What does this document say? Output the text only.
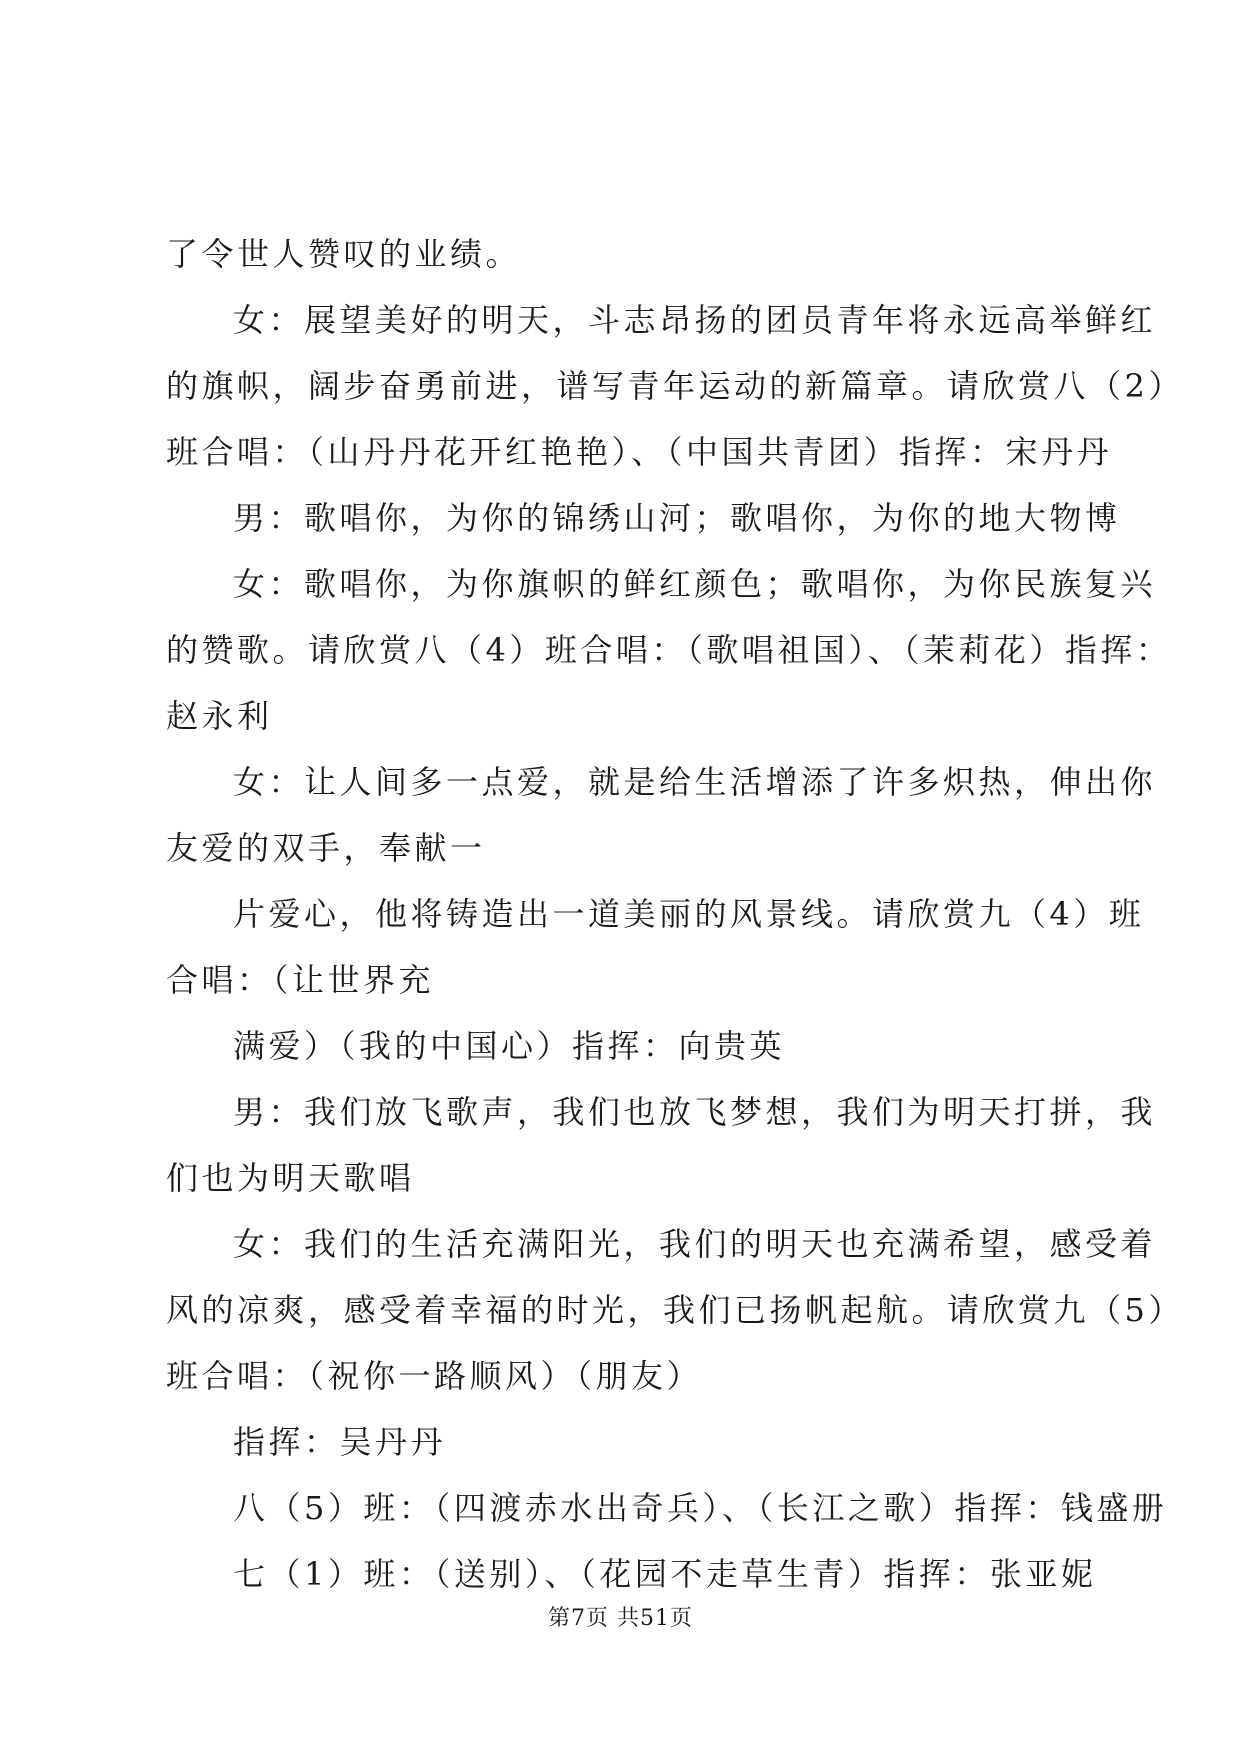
了令世人赞叹的业绩。

女：展望美好的明天，斗志昂扬的团员青年将永远高举鲜红

的旗帜，阔步奋勇前进，谱写青年运动的新篇章。请欣赏八（2）

班合唱：（山丹丹花开红艳艳）、（中国共青团）指挥：宋丹丹

男：歌唱你，为你的锦绣山河；歌唱你，为你的地大物博

女：歌唱你，为你旗帜的鲜红颜色；歌唱你，为你民族复兴

的赞歌。请欣赏八（4）班合唱：（歌唱祖国）、（茉莉花）指挥：

赵永利

女：让人间多一点爱，就是给生活增添了许多炽热，伸出你

友爱的双手，奉献一

片爱心，他将铸造出一道美丽的风景线。请欣赏九（4）班

合唱：（让世界充

满爱）（我的中国心）指挥：向贵英

男：我们放飞歌声，我们也放飞梦想，我们为明天打拼，我

们也为明天歌唱

女：我们的生活充满阳光，我们的明天也充满希望，感受着

风的凉爽，感受着幸福的时光，我们已扬帆起航。请欣赏九（5）

班合唱：（祝你一路顺风）（朋友）

指挥：吴丹丹

八（5）班：（四渡赤水出奇兵）、（长江之歌）指挥：钱盛册

七（1）班：（送别）、（花园不走草生青）指挥：张亚妮

第7页 共51页
